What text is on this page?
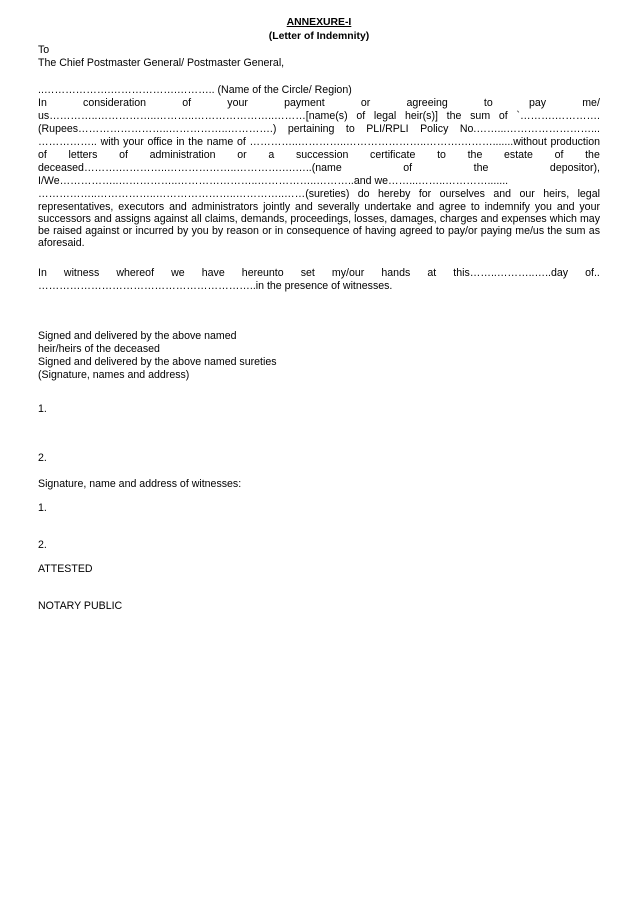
ANNEXURE-I
(Letter of Indemnity)
To
The Chief Postmaster General/ Postmaster General,
..……………….……………….……….. (Name of the Circle/ Region)
In	consideration	of	your	payment	or	agreeing	to	pay	me/
us…………..……………..………..…………………..………[name(s) of legal heir(s)] the sum of `……….………….
(Rupees……………………..……………..………….) pertaining to PLI/RPLI Policy No.……...……………………...
…………….. with your office in the name of …………..…………..…………………..……….……….......without production
of letters of administration or a succession certificate to the estate of the
deceased……….…………..………………..………….….…..(name	of	the	depositor),
I/We……………..……………..…………………..……………..………..and we……...……..………….......
……………..……………..…………………..…………..……(sureties) do hereby for ourselves and our heirs, legal
representatives, executors and administrators jointly and severally undertake and agree to indemnify you and your successors and assigns against all claims, demands, proceedings, losses, damages, charges and expenses which may be raised against or incurred by you by reason or in consequence of having agreed to pay/or paying me/us the sum as aforesaid.
In witness whereof we have hereunto set my/our hands at this……..………..…..day of..
……………………………………………………..in the presence of witnesses.
Signed and delivered by the above named
heir/heirs of the deceased
Signed and delivered by the above named sureties
(Signature, names and address)
1.
2.
Signature, name and address of witnesses:
1.
2.
ATTESTED
NOTARY PUBLIC
